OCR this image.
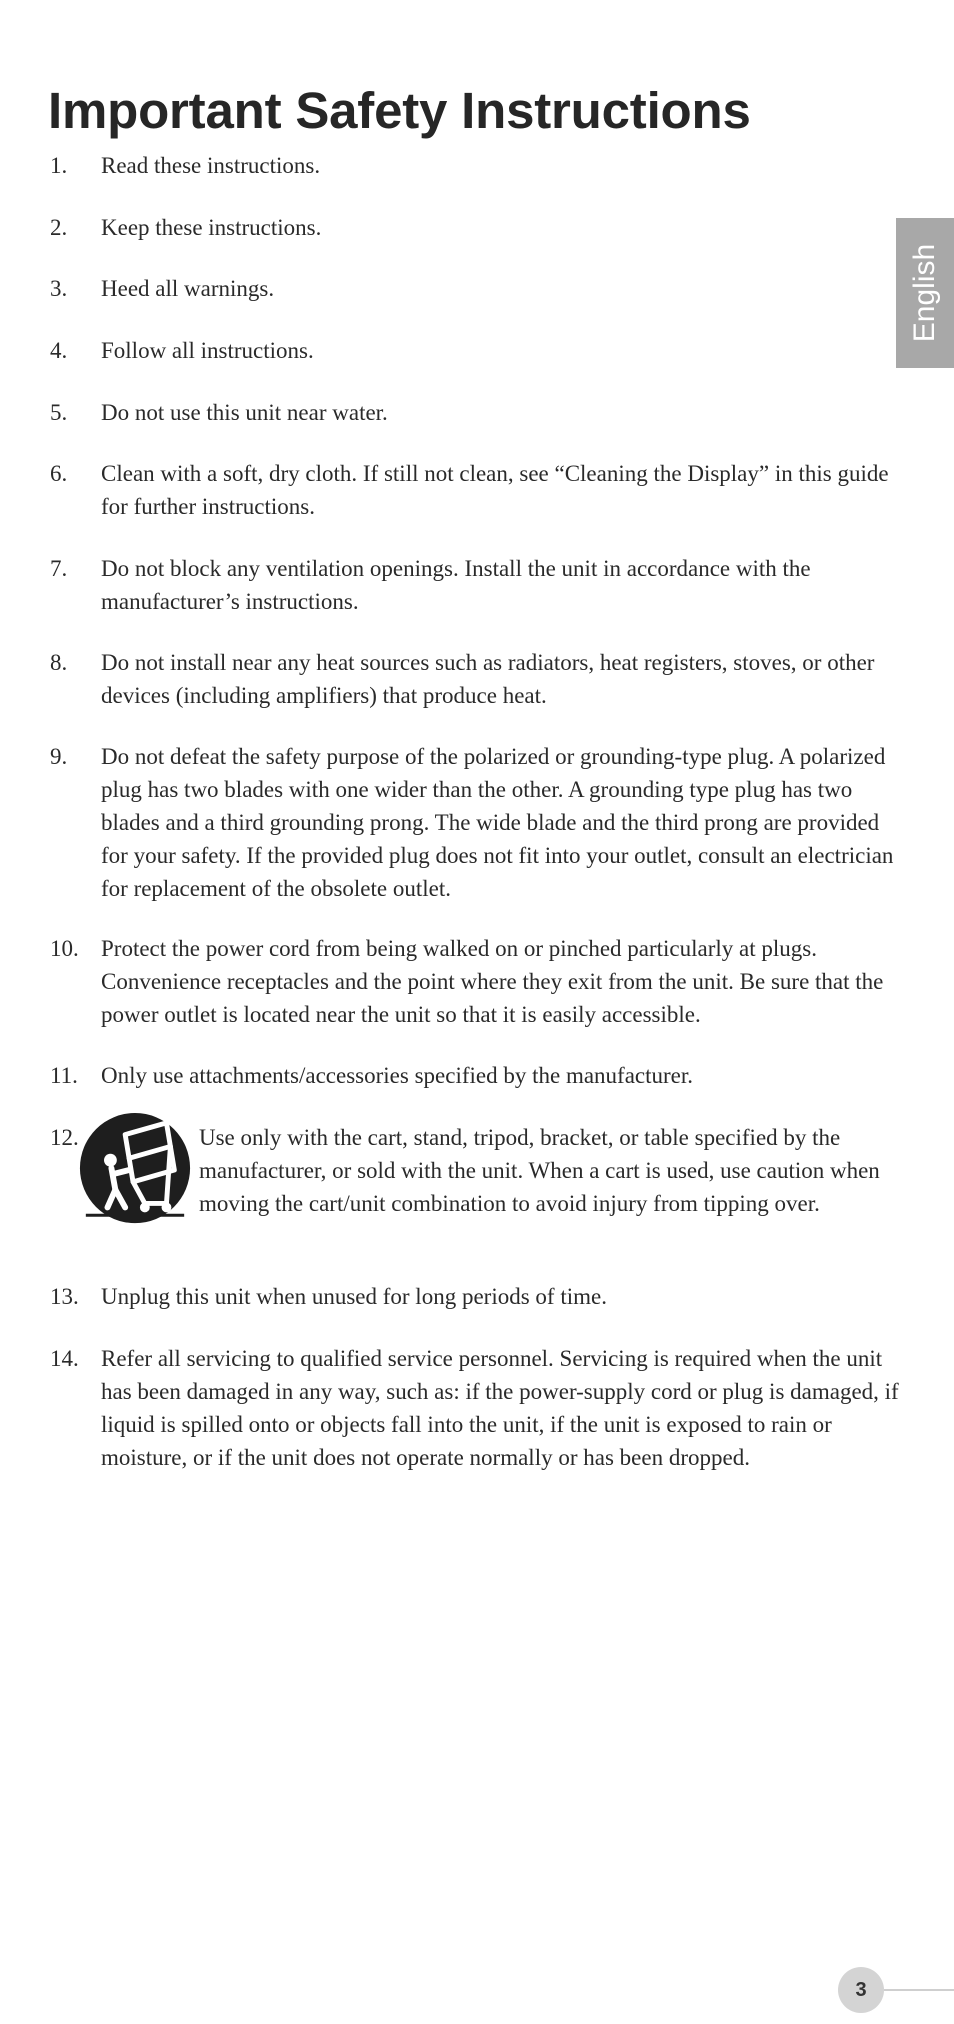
Important Safety Instructions
English
1. Read these instructions.

2. Keep these instructions.

3. Heed all warnings.

4. Follow all instructions.

5. Do not use this unit near water.

6. Clean with a soft, dry cloth. If still not clean, see “Cleaning the Display” in this guide for further instructions.

7. Do not block any ventilation openings. Install the unit in accordance with the manufacturer’s instructions.

8. Do not install near any heat sources such as radiators, heat registers, stoves, or other devices (including amplifiers) that produce heat.

9. Do not defeat the safety purpose of the polarized or grounding-type plug. A polarized plug has two blades with one wider than the other. A grounding type plug has two blades and a third grounding prong. The wide blade and the third prong are provided for your safety. If the provided plug does not fit into your outlet, consult an electrician for replacement of the obsolete outlet.

10. Protect the power cord from being walked on or pinched particularly at plugs. Convenience receptacles and the point where they exit from the unit. Be sure that the power outlet is located near the unit so that it is easily accessible.

11. Only use attachments/accessories specified by the manufacturer.

12.	Use only with the cart, stand, tripod, bracket, or table specified by the manufacturer, or sold with the unit. When a cart is used, use caution when moving the cart/unit combination to avoid injury from tipping over.

13. Unplug this unit when unused for long periods of time.

14. Refer all servicing to qualified service personnel. Servicing is required when the unit has been damaged in any way, such as: if the power-supply cord or plug is damaged, if liquid is spilled onto or objects fall into the unit, if the unit is exposed to rain or moisture, or if the unit does not operate normally or has been dropped.

3
